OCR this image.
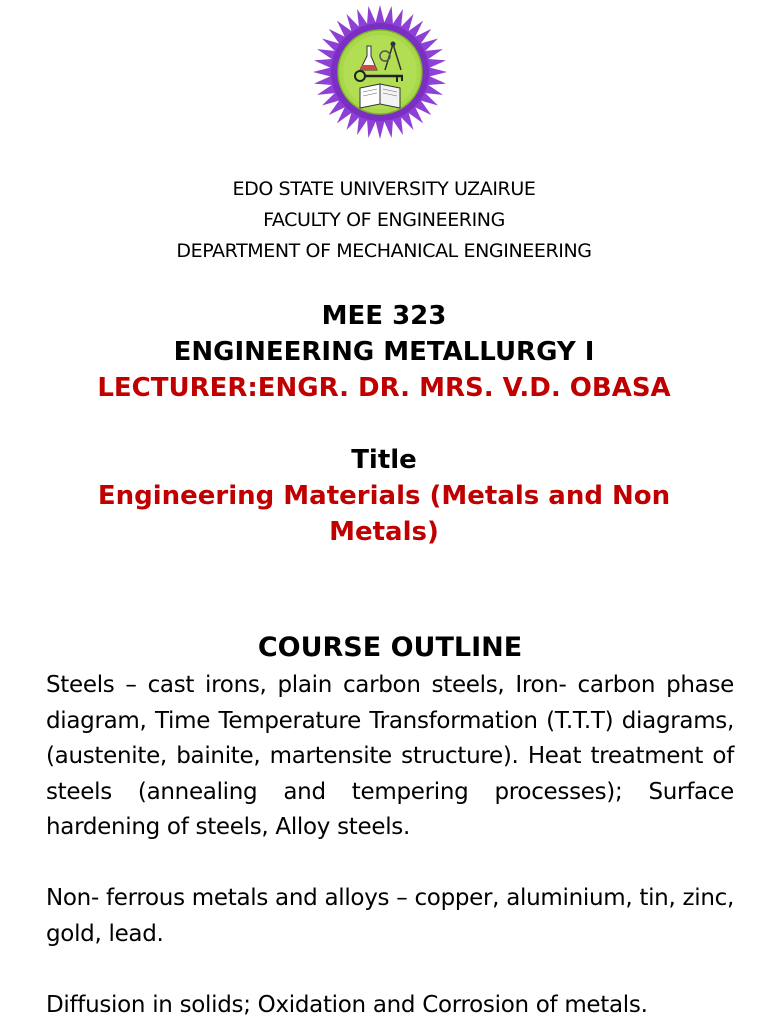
EDO STATE UNIVERSITY UZAIRUE
FACULTY OF ENGINEERING
DEPARTMENT OF MECHANICAL ENGINEERING
MEE 323
ENGINEERING METALLURGY I
LECTURER:ENGR. DR. MRS. V.D. OBASA
Title
Engineering Materials (Metals and Non Metals)
COURSE OUTLINE

Steels – cast irons, plain carbon steels, Iron- carbon phase diagram, Time Temperature Transformation (T.T.T) diagrams, (austenite, bainite, martensite structure). Heat treatment of steels (annealing and tempering processes); Surface hardening of steels, Alloy steels.

Non- ferrous metals and alloys – copper, aluminium, tin, zinc, gold, lead.

Diffusion in solids; Oxidation and Corrosion of metals.
